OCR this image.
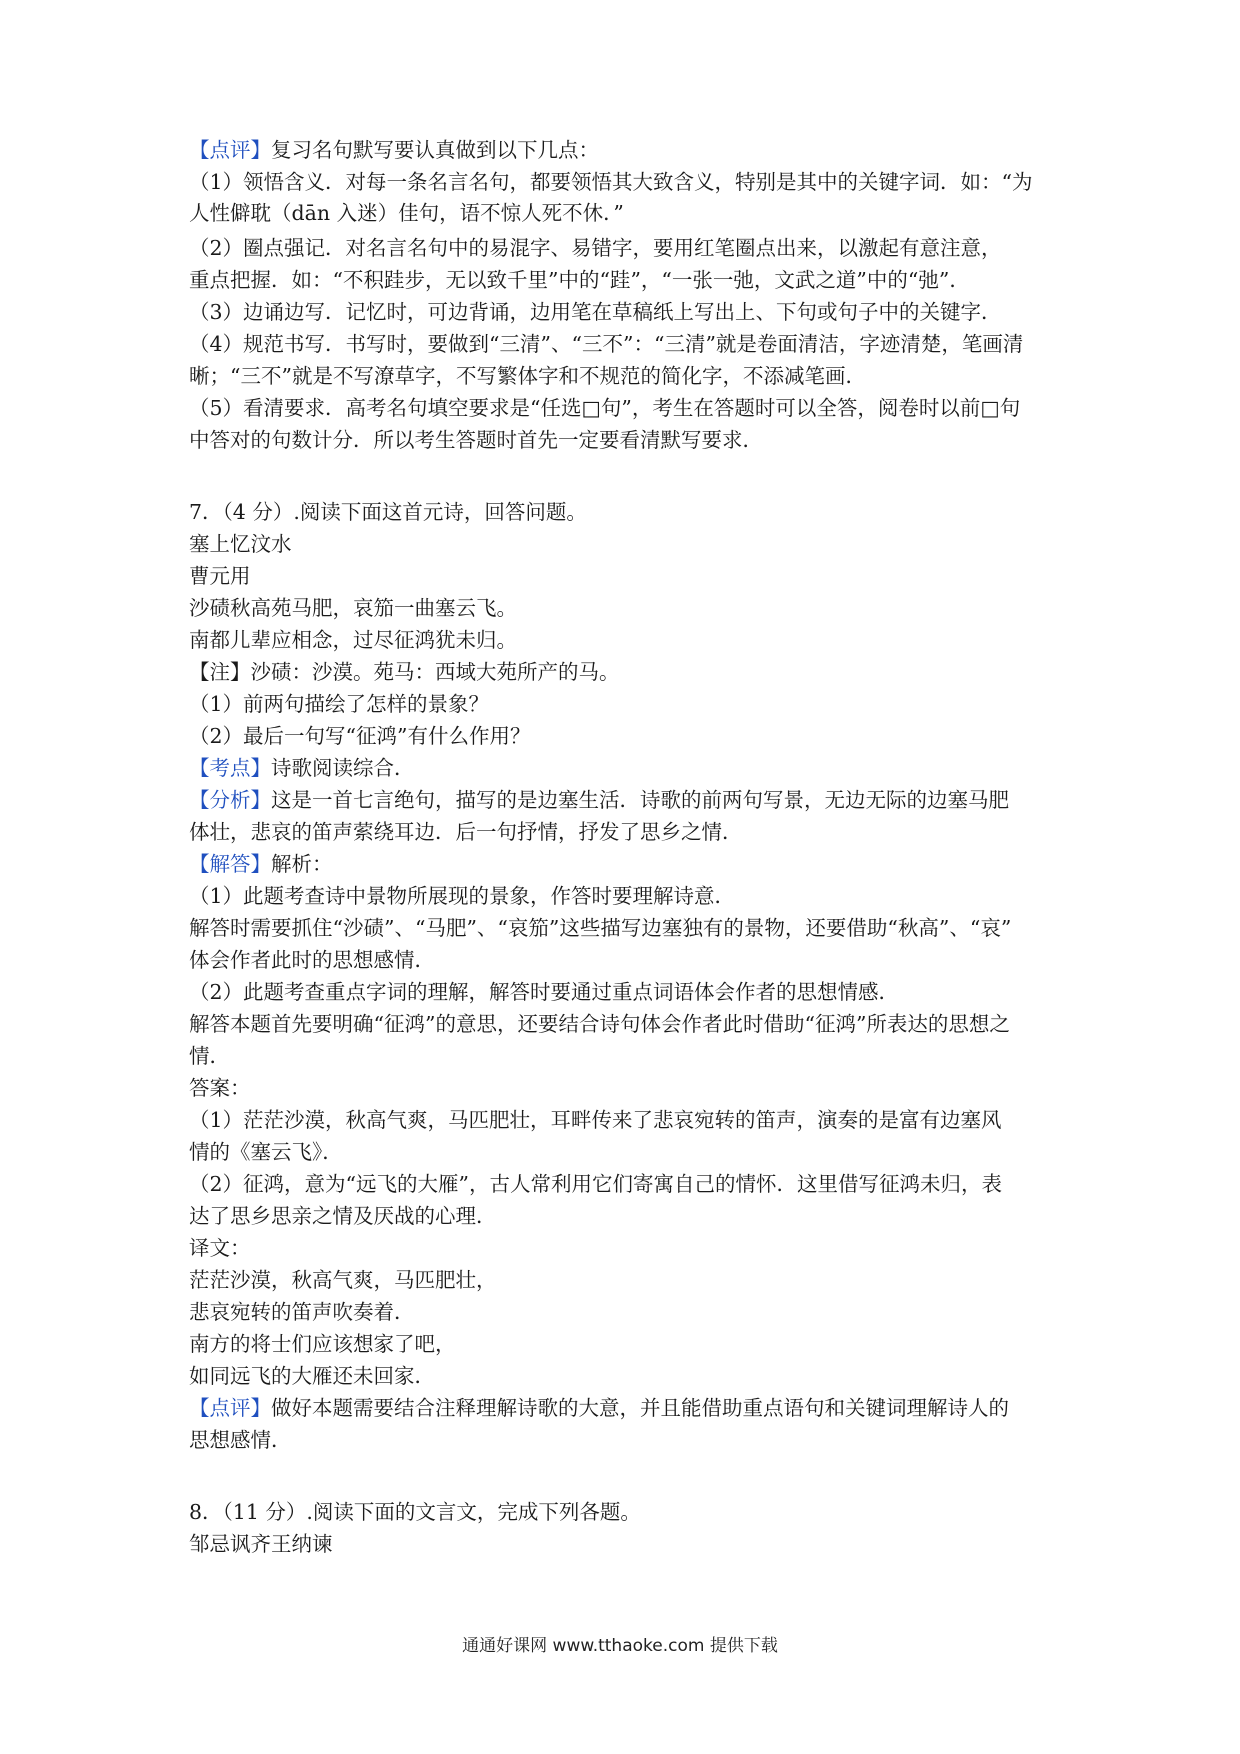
【点评】复习名句默写要认真做到以下几点：
（1）领悟含义．对每一条名言名句，都要领悟其大致含义，特别是其中的关键字词．如：“为
人性僻耽（dān 入迷）佳句，语不惊人死不休．”
（2）圈点强记．对名言名句中的易混字、易错字，要用红笔圈点出来，以激起有意注意，
重点把握．如：“不积跬步，无以致千里”中的“跬”，“一张一弛，文武之道”中的“弛”．
（3）边诵边写．记忆时，可边背诵，边用笔在草稿纸上写出上、下句或句子中的关键字．
（4）规范书写．书写时，要做到“三清”、“三不”：“三清”就是卷面清洁，字迹清楚，笔画清
晰；“三不”就是不写潦草字，不写繁体字和不规范的简化字，不添减笔画．
（5）看清要求．高考名句填空要求是“任选□句”，考生在答题时可以全答，阅卷时以前□句
中答对的句数计分．所以考生答题时首先一定要看清默写要求．
7．（4 分）.阅读下面这首元诗，回答问题。
塞上忆汶水
曹元用
沙碛秋高苑马肥，哀笳一曲塞云飞。
南都儿辈应相念，过尽征鸿犹未归。
【注】沙碛：沙漠。苑马：西域大苑所产的马。
（1）前两句描绘了怎样的景象？
（2）最后一句写“征鸿”有什么作用？
【考点】诗歌阅读综合．
【分析】这是一首七言绝句，描写的是边塞生活．诗歌的前两句写景，无边无际的边塞马肥
体壮，悲哀的笛声萦绕耳边．后一句抒情，抒发了思乡之情．
【解答】解析：
（1）此题考查诗中景物所展现的景象，作答时要理解诗意．
解答时需要抓住“沙碛”、“马肥”、“哀笳”这些描写边塞独有的景物，还要借助“秋高”、“哀”
体会作者此时的思想感情．
（2）此题考查重点字词的理解，解答时要通过重点词语体会作者的思想情感．
解答本题首先要明确“征鸿”的意思，还要结合诗句体会作者此时借助“征鸿”所表达的思想之
情．
答案：
（1）茫茫沙漠，秋高气爽，马匹肥壮，耳畔传来了悲哀宛转的笛声，演奏的是富有边塞风
情的《塞云飞》．
（2）征鸿，意为“远飞的大雁”，古人常利用它们寄寓自己的情怀．这里借写征鸿未归，表
达了思乡思亲之情及厌战的心理．
译文：
茫茫沙漠，秋高气爽，马匹肥壮，
悲哀宛转的笛声吹奏着．
南方的将士们应该想家了吧，
如同远飞的大雁还未回家．
【点评】做好本题需要结合注释理解诗歌的大意，并且能借助重点语句和关键词理解诗人的
思想感情．
8．（11 分）.阅读下面的文言文，完成下列各题。
邹忌讽齐王纳谏
通通好课网 www.tthaoke.com 提供下载
